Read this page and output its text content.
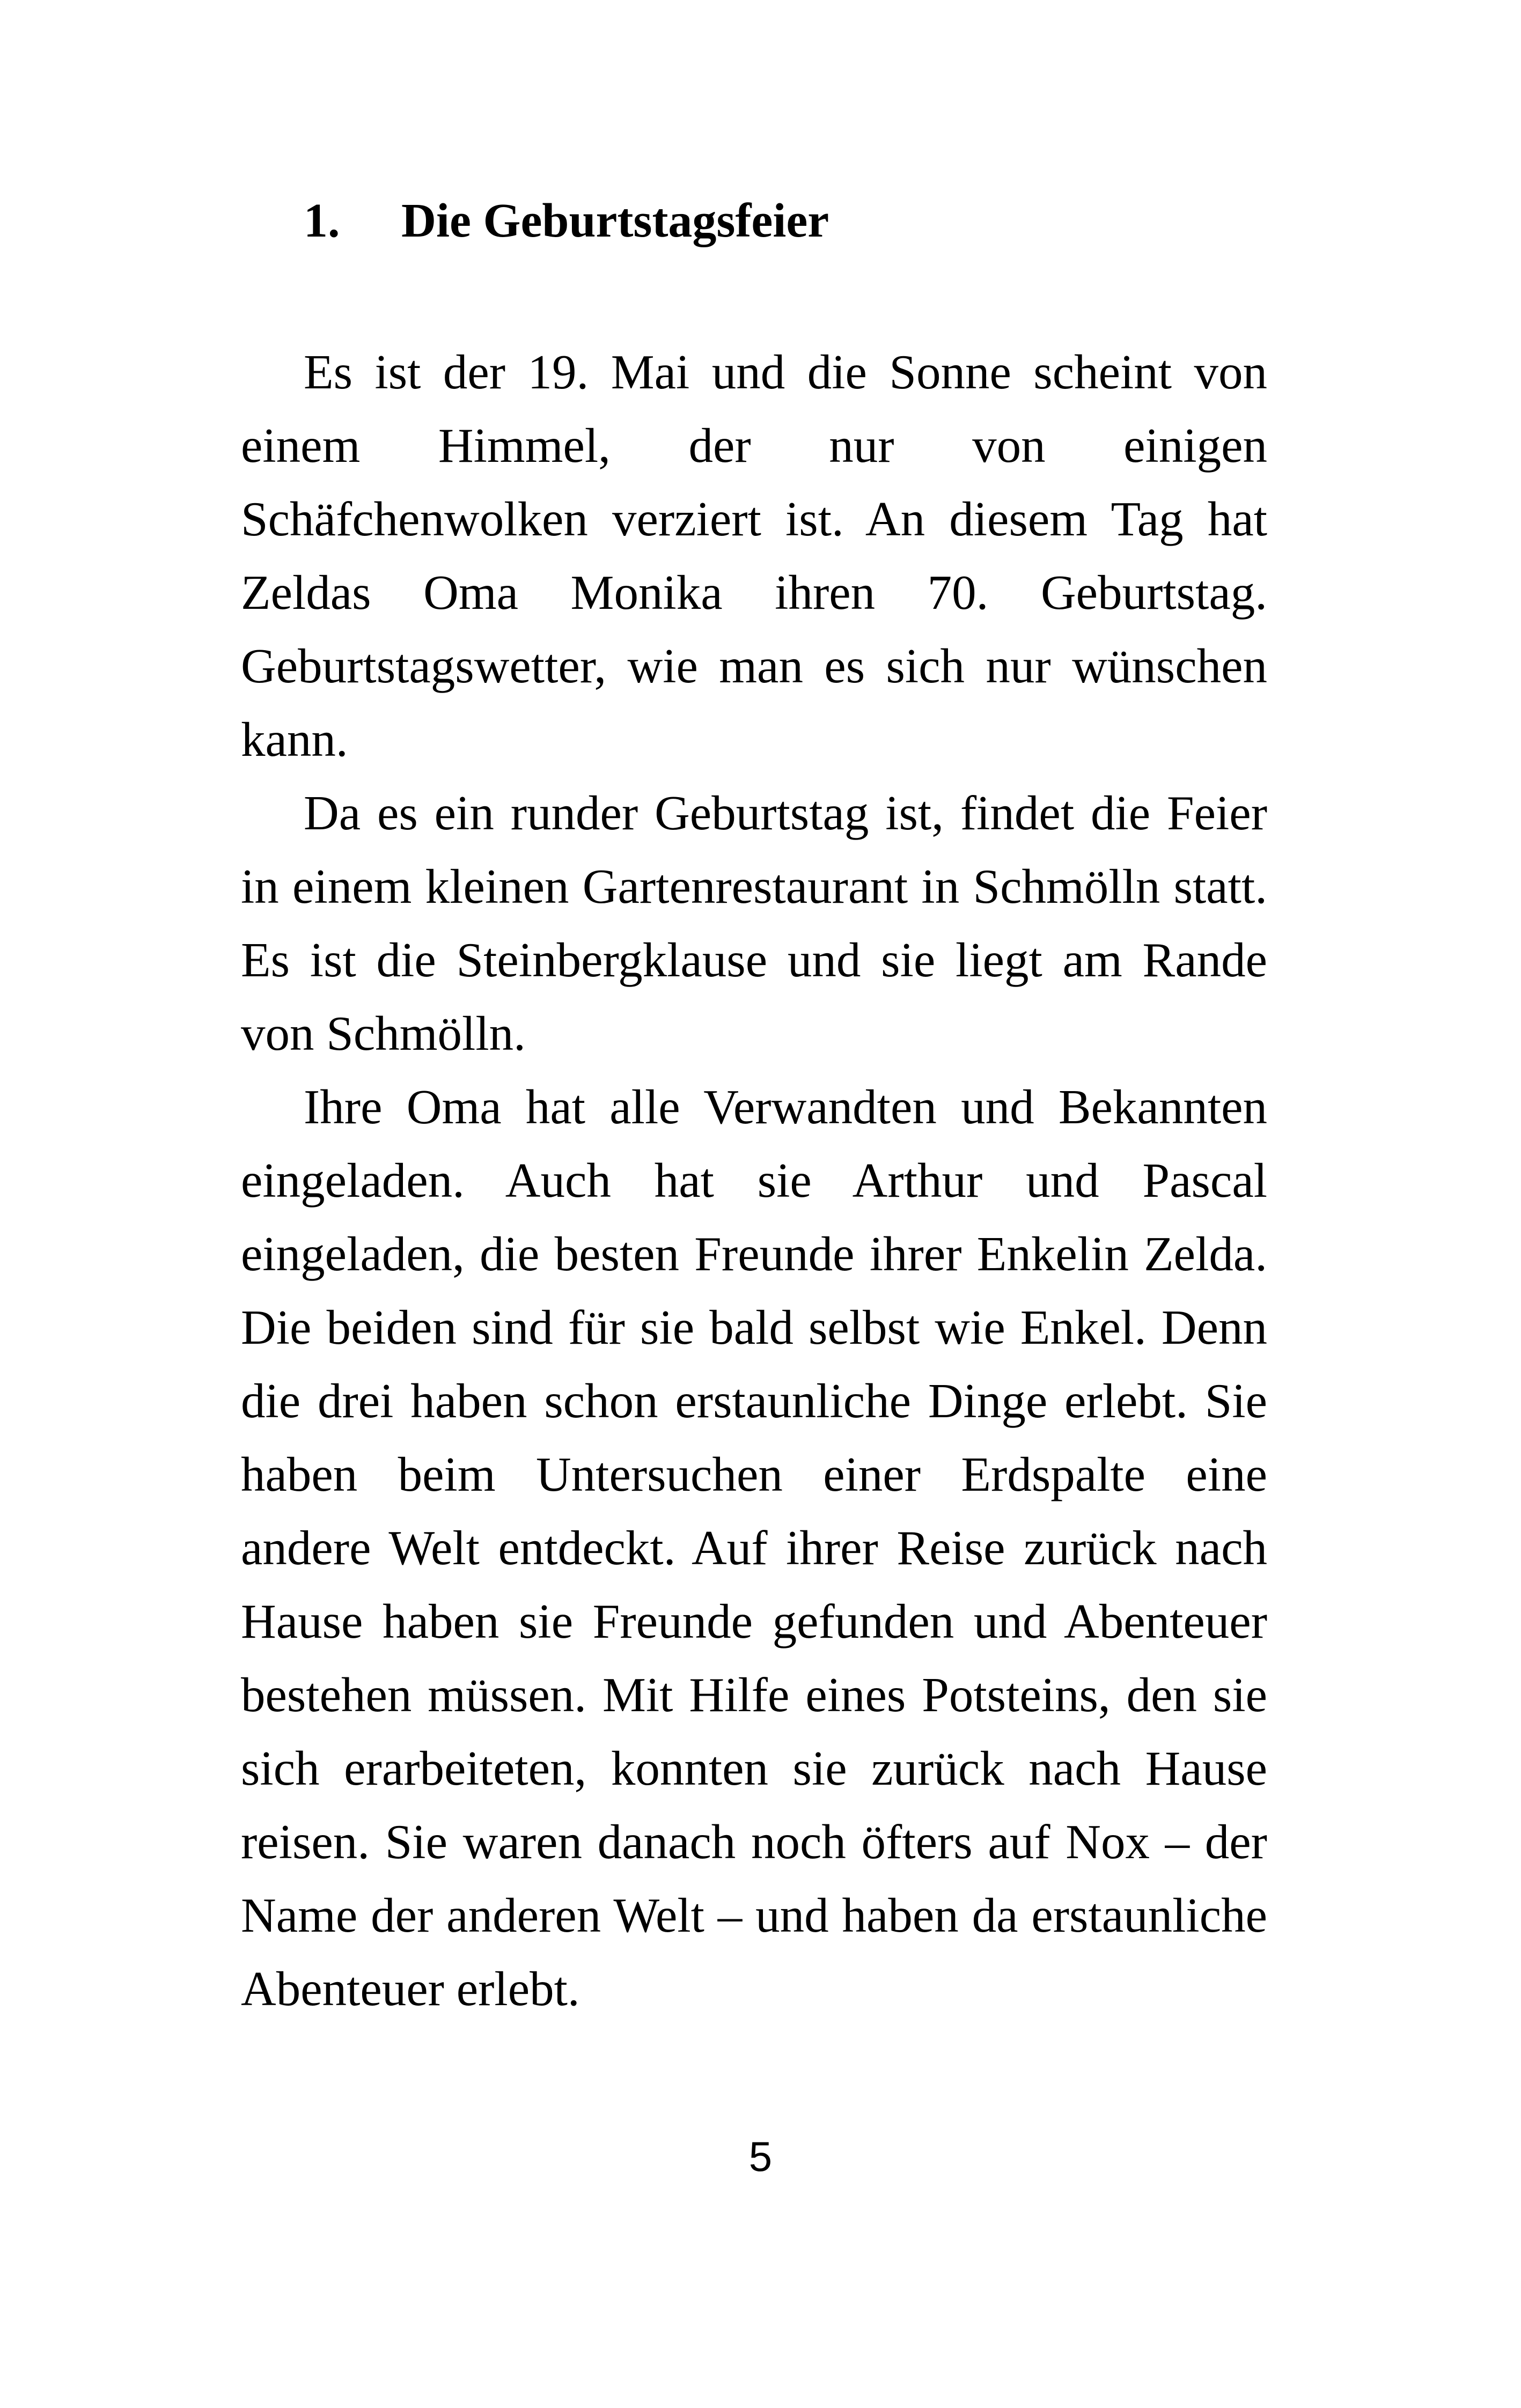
1. Die Geburtstagsfeier

Es ist der 19. Mai und die Sonne scheint von einem Himmel, der nur von einigen Schäfchenwolken verziert ist. An diesem Tag hat Zeldas Oma Monika ihren 70. Geburtstag. Geburtstagswetter, wie man es sich nur wünschen kann.

Da es ein runder Geburtstag ist, findet die Feier in einem kleinen Gartenrestaurant in Schmölln statt. Es ist die Steinbergklause und sie liegt am Rande von Schmölln.

Ihre Oma hat alle Verwandten und Bekannten eingeladen. Auch hat sie Arthur und Pascal eingeladen, die besten Freunde ihrer Enkelin Zelda. Die beiden sind für sie bald selbst wie Enkel. Denn die drei haben schon erstaunliche Dinge erlebt. Sie haben beim Untersuchen einer Erdspalte eine andere Welt entdeckt. Auf ihrer Reise zurück nach Hause haben sie Freunde gefunden und Abenteuer bestehen müssen. Mit Hilfe eines Potsteins, den sie sich erarbeiteten, konnten sie zurück nach Hause reisen. Sie waren danach noch öfters auf Nox – der Name der anderen Welt – und haben da erstaunliche Abenteuer erlebt.

5
